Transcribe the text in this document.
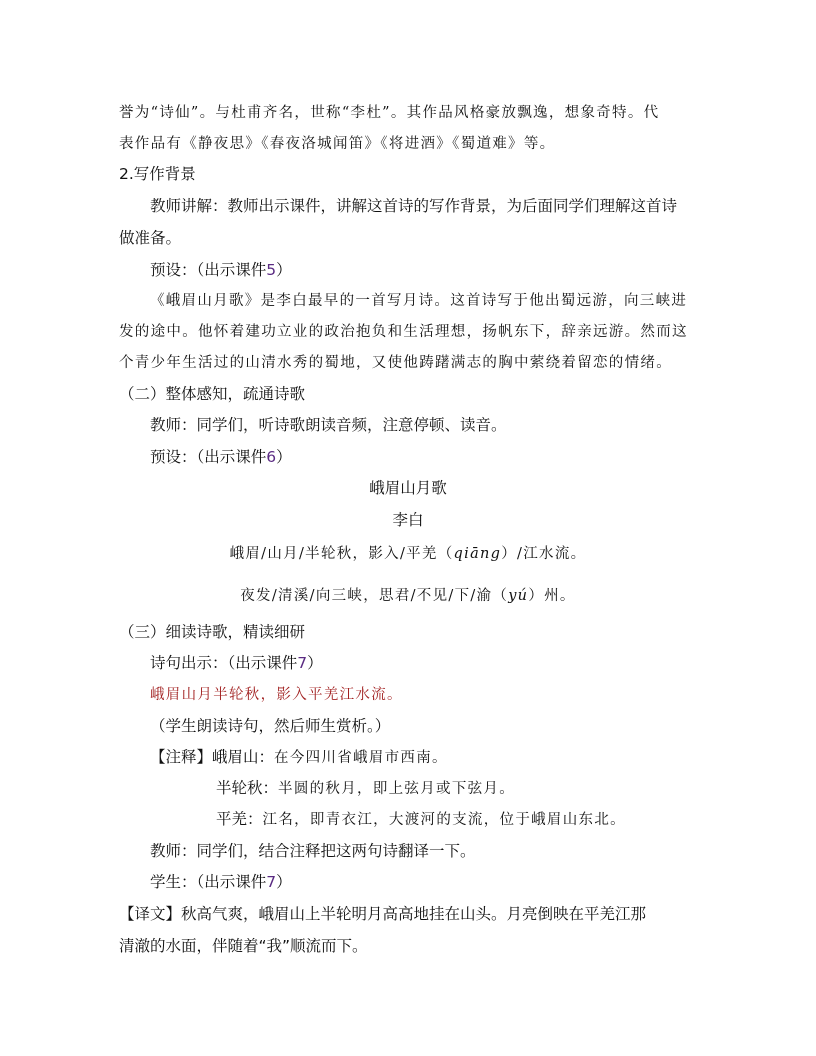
誉为“诗仙”。与杜甫齐名，世称“李杜”。其作品风格豪放飘逸，想象奇特。代
表作品有《静夜思》《春夜洛城闻笛》《将进酒》《蜀道难》等。
2.写作背景
教师讲解：教师出示课件，讲解这首诗的写作背景，为后面同学们理解这首诗
做准备。
预设：（出示课件5）
《峨眉山月歌》是李白最早的一首写月诗。这首诗写于他出蜀远游，向三峡进
发的途中。他怀着建功立业的政治抱负和生活理想，扬帆东下，辞亲远游。然而这
个青少年生活过的山清水秀的蜀地，又使他踌躇满志的胸中萦绕着留恋的情绪。
（二）整体感知，疏通诗歌
教师：同学们，听诗歌朗读音频，注意停顿、读音。
预设：（出示课件6）
峨眉山月歌
李白
峨眉/山月/半轮秋，影入/平羌（qiāng）/江水流。
夜发/清溪/向三峡，思君/不见/下/渝（yú）州。
（三）细读诗歌，精读细研
诗句出示：（出示课件7）
峨眉山月半轮秋，影入平羌江水流。
（学生朗读诗句，然后师生赏析。）
【注释】峨眉山：在今四川省峨眉市西南。
半轮秋：半圆的秋月，即上弦月或下弦月。
平羌：江名，即青衣江，大渡河的支流，位于峨眉山东北。
教师：同学们，结合注释把这两句诗翻译一下。
学生：（出示课件7）
【译文】秋高气爽，峨眉山上半轮明月高高地挂在山头。月亮倒映在平羌江那
清澈的水面，伴随着“我”顺流而下。
